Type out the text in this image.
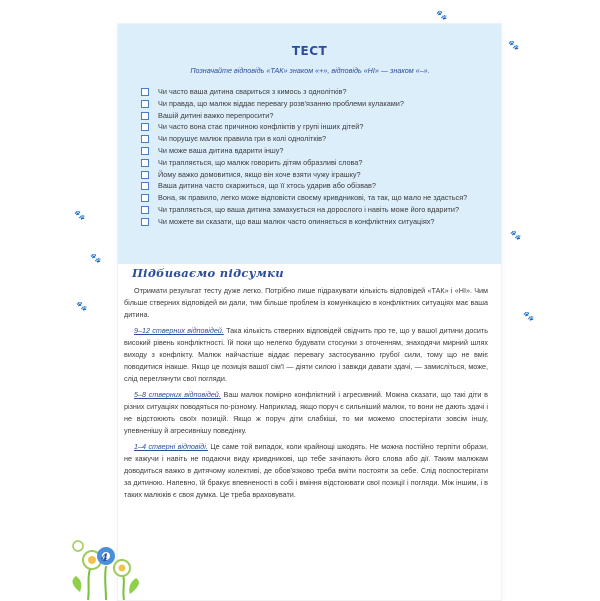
🐾
🐾
🐾
🐾
🐾
🐾
🐾
ТЕСТ
Позначайте відповідь «ТАК» знаком «+», відповідь «НІ» — знаком «–».
Чи часто ваша дитина свариться з кимось з однолітків?
Чи правда, що малюк віддає перевагу розв'язанню проблеми кулаками?
Вашій дитині важко перепросити?
Чи часто вона стає причиною конфліктів у групі інших дітей?
Чи порушує малюк правила гри в колі однолітків?
Чи може ваша дитина вдарити іншу?
Чи трапляється, що малюк говорить дітям образливі слова?
Йому важко домовитися, якщо він хоче взяти чужу іграшку?
Ваша дитина часто скаржиться, що її хтось ударив або обізвав?
Вона, як правило, легко може відповісти своєму кривдникові, та так, що мало не здасться?
Чи трапляється, що ваша дитина замахується на дорослого і навіть може його вдарити?
Чи можете ви сказати, що ваш малюк часто опиняється в конфліктних ситуаціях?
Підбиваємо підсумки

Отримати результат тесту дуже легко. Потрібно лише підрахувати кількість відповідей «ТАК» і «НІ». Чим більше стверних відповідей ви дали, тим більше проблем із комунікацією в конфліктних ситуаціях має ваша дитина.

9–12 стверних відповідей. Така кількість стверних відповідей свідчить про те, що у вашої дитини досить високий рівень конфліктності. Їй поки що нелегко будувати стосунки з оточенням, знаходячи мирний шлях виходу з конфлікту. Малюк найчастіше віддає перевагу застосуванню грубої сили, тому що не вміє поводитися інакше. Якщо це позиція вашої сім'ї — діяти силою і завжди давати здачі, — замисліться, може, слід переглянути свої погляди.

5–8 стверних відповідей. Ваш малюк помірно конфліктний і агресивний. Можна сказати, що такі діти в різних ситуаціях поводяться по-різному. Наприклад, якщо поруч є сильніший малюк, то вони не дають здачі і не відстоюють своїх позицій. Якщо ж поруч діти слабкіші, то ми можемо спостерігати зовсім іншу, упевненішу й агресивнішу поведінку.

1–4 стверні відповіді. Це саме той випадок, коли крайнощі шкодять. Не можна постійно терпіти образи, не кажучи і навіть не подаючи виду кривдникові, що тебе зачіпають його слова або дії. Таким малюкам доводиться важко в дитячому колективі, де обов'язково треба вміти постояти за себе. Слід поспостерігати за дитиною. Напевно, їй бракує впевненості в собі і вміння відстоювати свої позиції і погляди. Між іншим, і в таких малюків є своя думка. Це треба враховувати.

4
